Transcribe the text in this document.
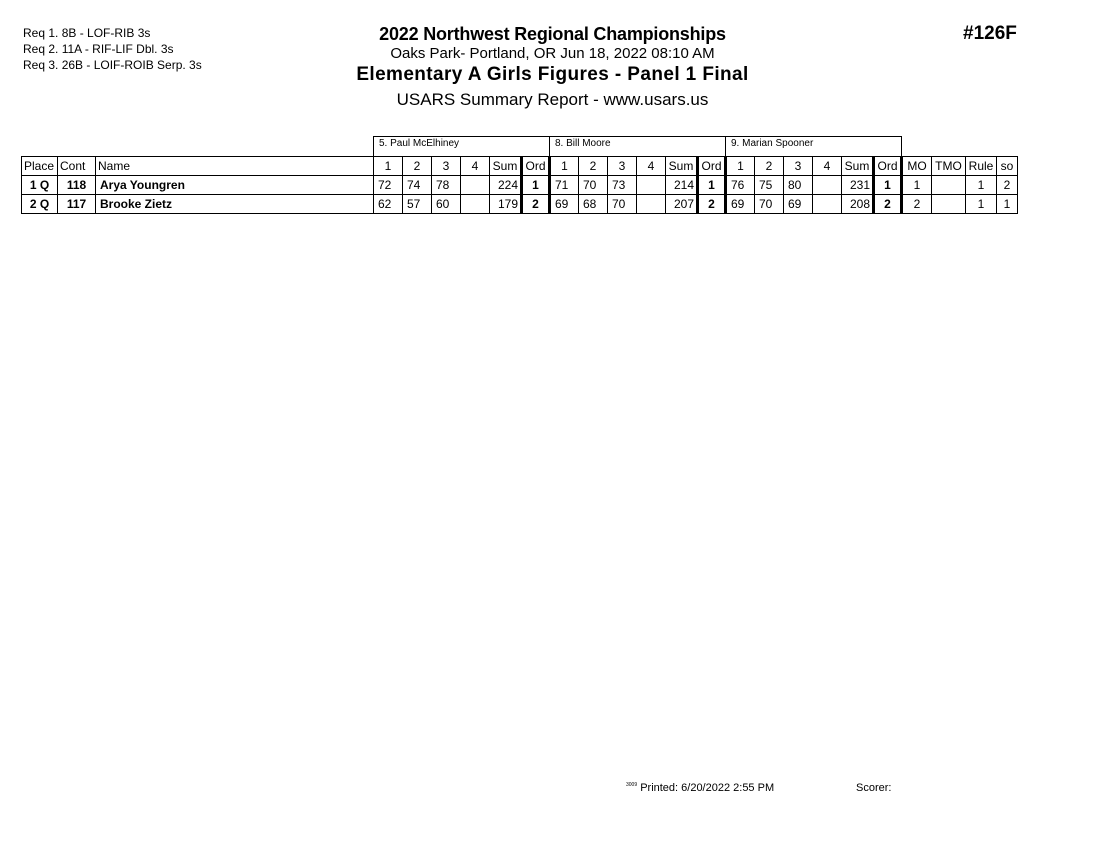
Req 1. 8B - LOF-RIB 3s
Req 2. 11A - RIF-LIF Dbl. 3s
Req 3. 26B - LOIF-ROIB Serp. 3s
2022 Northwest Regional Championships
Oaks Park- Portland, OR Jun 18, 2022 08:10 AM
Elementary A Girls Figures - Panel 1 Final
USARS Summary Report - www.usars.us
#126F
			5. Paul McElhiney						8. Bill Moore						9. Marian Spooner									
Place	Cont	Name	1	2	3	4	Sum	Ord	1	2	3	4	Sum	Ord	1	2	3	4	Sum	Ord	MO	TMO	Rule	so
1 Q	118	Arya Youngren	72	74	78		224	1	71	70	73		214	1	76	75	80		231	1	1		1	2
2 Q	117	Brooke Zietz	62	57	60		179	2	69	68	70		207	2	69	70	69		208	2	2		1	1
$^{3009}$ Printed: 6/20/2022 2:55 PM	Scorer:
